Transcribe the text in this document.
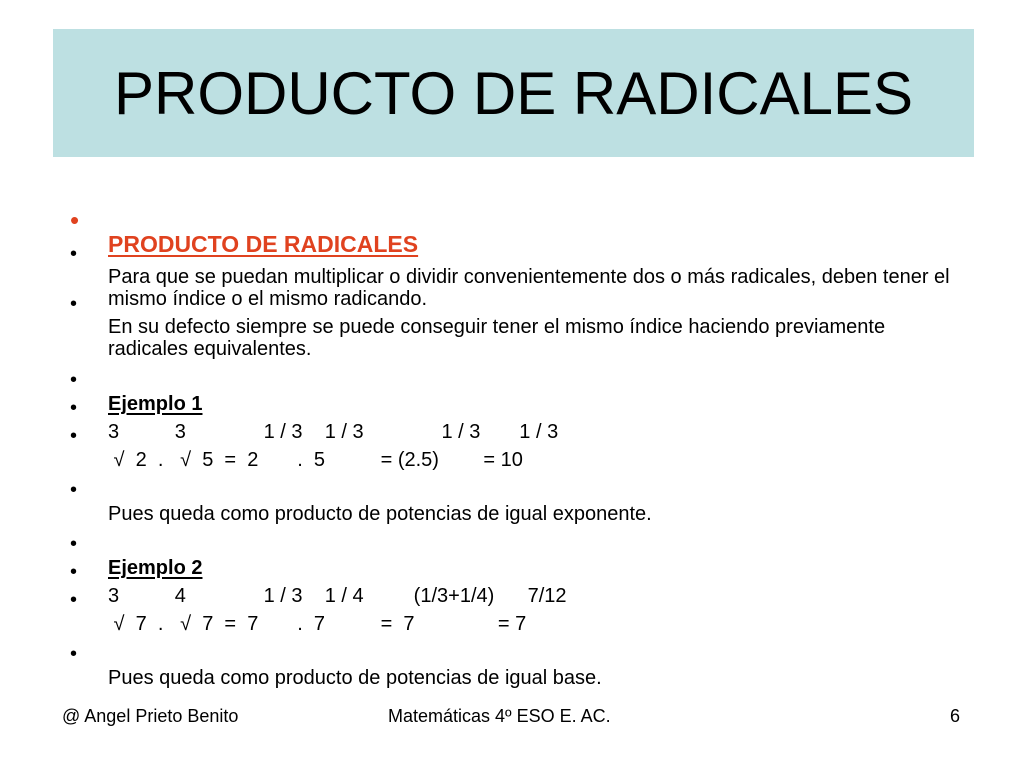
PRODUCTO DE RADICALES

•

PRODUCTO DE RADICALES

•

Para que se puedan multiplicar o dividir convenientemente dos o más radicales, deben tener el mismo índice o el mismo radicando.

•

En su defecto siempre se puede conseguir tener el mismo índice haciendo previamente radicales equivalentes.

•

Ejemplo 1

•

3          3              1 / 3    1 / 3              1 / 3       1 / 3

•

√  2  .   √  5  =  2       .  5          = (2.5)        = 10

•

Pues queda como producto de potencias de igual exponente.

•

Ejemplo 2

•

3          4              1 / 3    1 / 4         (1/3+1/4)      7/12

•

√  7  .   √  7  =  7       .  7          =  7               = 7

•

Pues queda como producto de potencias de igual base.

@ Angel Prieto Benito	Matemáticas 4º ESO E. AC.	6
